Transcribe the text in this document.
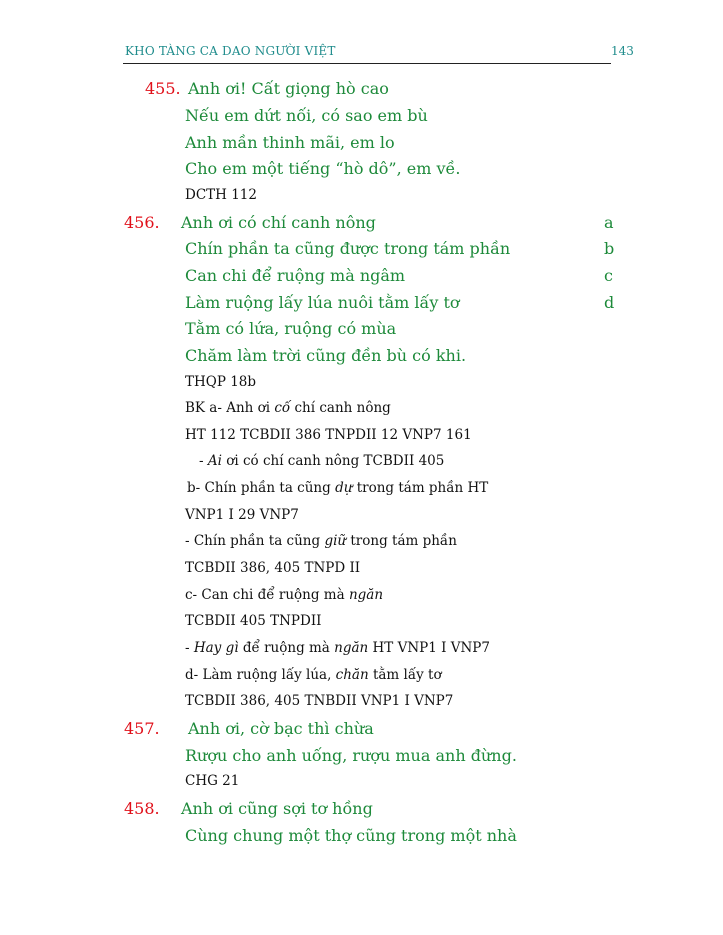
KHO TÀNG CA DAO NGƯỜI VIỆT	143
455. Anh ơi! Cất giọng hò cao
Nếu em dứt nối, có sao em bù
Anh mần thinh mãi, em lo
Cho em một tiếng “hò dô”, em về.
DCTH 112
456. Anh ơi có chí canh nông	a
Chín phần ta cũng được trong tám phần	b
Can chi để ruộng mà ngâm	c
Làm ruộng lấy lúa nuôi tằm lấy tơ	d
Tằm có lứa, ruộng có mùa
Chăm làm trời cũng đền bù có khi.
THQP 18b
BK a- Anh ơi cố chí canh nông
HT 112 TCBDII 386 TNPDII 12 VNP7 161
- Ai ơi có chí canh nông TCBDII 405
b- Chín phần ta cũng dự trong tám phần HT
VNP1 I 29 VNP7
- Chín phần ta cũng giữ trong tám phần
TCBDII 386, 405 TNPD II
c- Can chi để ruộng mà ngăn
TCBDII 405 TNPDII
- Hay gì để ruộng mà ngăn HT VNP1 I VNP7
d- Làm ruộng lấy lúa, chăn tằm lấy tơ
TCBDII 386, 405 TNBDII VNP1 I VNP7
457. Anh ơi, cờ bạc thì chừa
Rượu cho anh uống, rượu mua anh đừng.
CHG 21
458. Anh ơi cũng sợi tơ hồng
Cùng chung một thợ cũng trong một nhà
